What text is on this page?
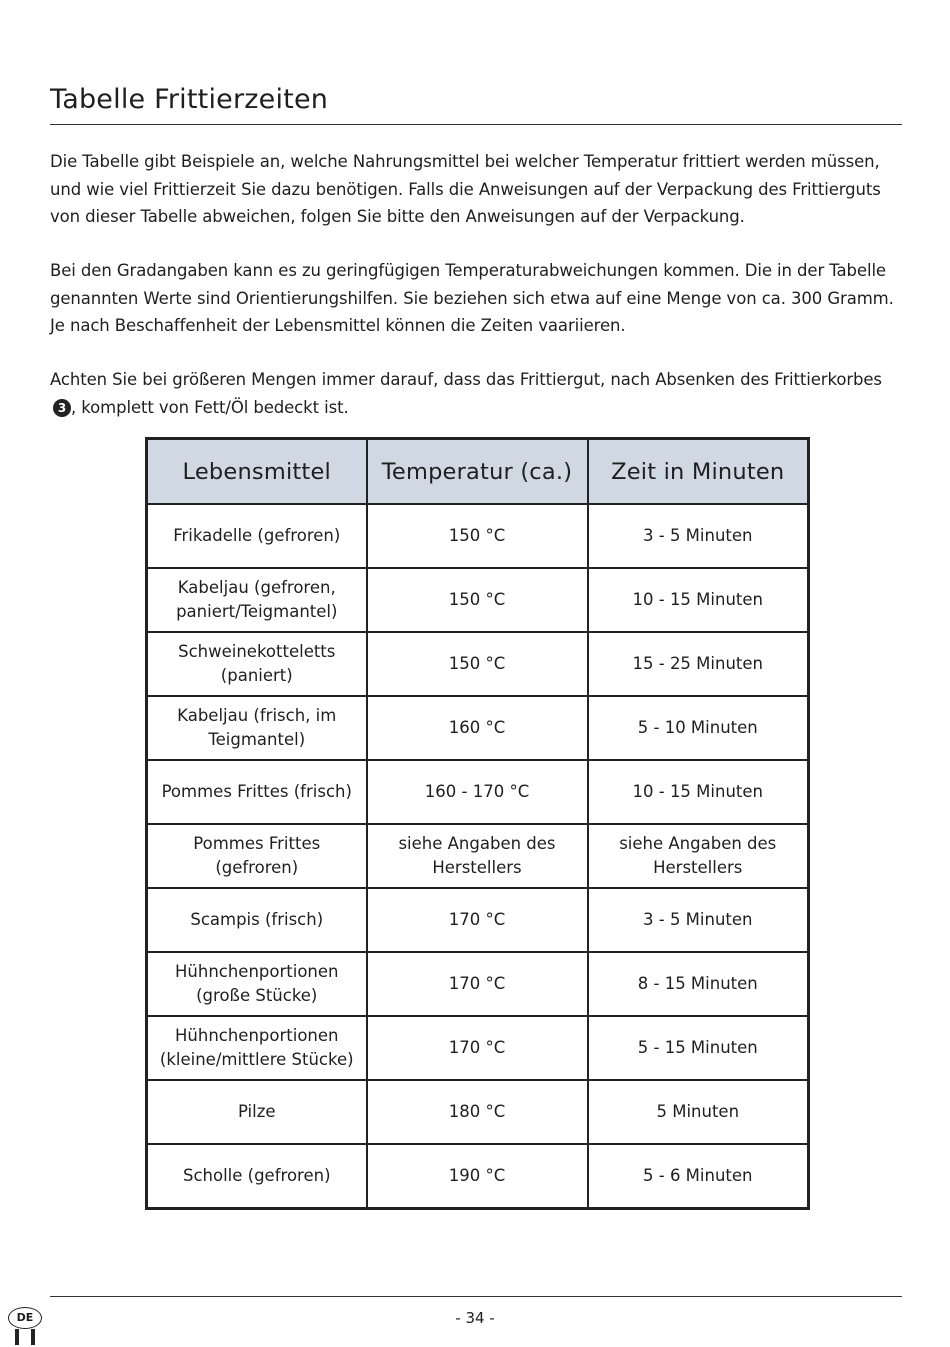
Tabelle Frittierzeiten

Die Tabelle gibt Beispiele an, welche Nahrungsmittel bei welcher Temperatur frittiert werden müssen, und wie viel Frittierzeit Sie dazu benötigen. Falls die Anweisungen auf der Verpackung des Frittierguts von dieser Tabelle abweichen, folgen Sie bitte den Anweisungen auf der Verpackung.

Bei den Gradangaben kann es zu geringfügigen Temperaturabweichungen kommen. Die in der Tabelle genannten Werte sind Orientierungshilfen. Sie beziehen sich etwa auf eine Menge von ca. 300 Gramm. Je nach Beschaffenheit der Lebensmittel können die Zeiten vaariieren.

Achten Sie bei größeren Mengen immer darauf, dass das Frittiergut, nach Absenken des Frittierkorbes 3 , komplett von Fett/Öl bedeckt ist.

Lebensmittel	Temperatur (ca.)	Zeit in Minuten
Frikadelle (gefroren)	150 °C	3 - 5 Minuten
Kabeljau (gefroren, paniert/Teigmantel)	150 °C	10 - 15 Minuten
Schweinekotteletts (paniert)	150 °C	15 - 25 Minuten
Kabeljau (frisch, im Teigmantel)	160 °C	5 - 10 Minuten
Pommes Frittes (frisch)	160 - 170 °C	10 - 15 Minuten
Pommes Frittes (gefroren)	siehe Angaben des Herstellers	siehe Angaben des Herstellers
Scampis (frisch)	170 °C	3 - 5 Minuten
Hühnchenportionen (große Stücke)	170 °C	8 - 15 Minuten
Hühnchenportionen (kleine/mittlere Stücke)	170 °C	5 - 15 Minuten
Pilze	180 °C	5 Minuten
Scholle (gefroren)	190 °C	5 - 6 Minuten
DE	- 34 -
